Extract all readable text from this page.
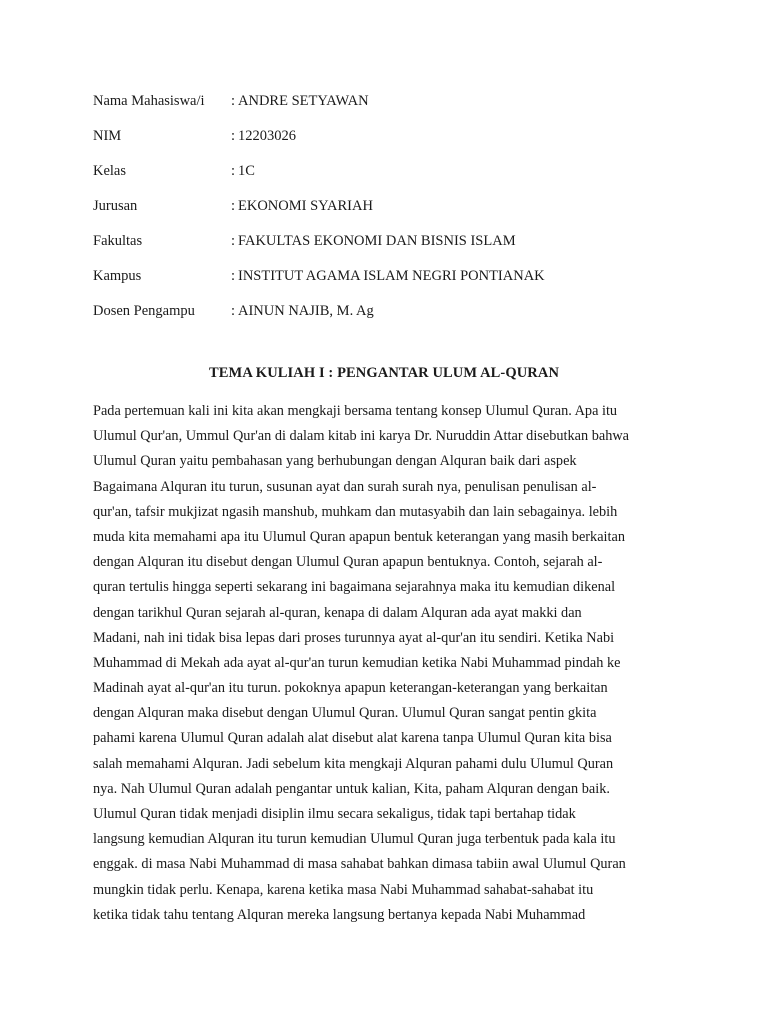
Nama Mahasiswa/i	: ANDRE SETYAWAN
NIM	: 12203026
Kelas	: 1C
Jurusan	: EKONOMI SYARIAH
Fakultas	: FAKULTAS EKONOMI DAN BISNIS ISLAM
Kampus	: INSTITUT AGAMA ISLAM NEGRI PONTIANAK
Dosen Pengampu	: AINUN NAJIB, M. Ag
TEMA KULIAH I : PENGANTAR ULUM AL-QURAN
Pada pertemuan kali ini kita akan mengkaji bersama tentang konsep Ulumul Quran. Apa itu
Ulumul Qur'an, Ummul Qur'an di dalam kitab ini karya Dr. Nuruddin Attar disebutkan bahwa
Ulumul Quran yaitu pembahasan yang berhubungan dengan Alquran baik dari aspek
Bagaimana Alquran itu turun, susunan ayat dan surah surah nya, penulisan penulisan al-
qur'an, tafsir mukjizat ngasih manshub, muhkam dan mutasyabih dan lain sebagainya. lebih
muda kita memahami apa itu Ulumul Quran apapun bentuk keterangan yang masih berkaitan
dengan Alquran itu disebut dengan Ulumul Quran apapun bentuknya. Contoh, sejarah al-
quran tertulis hingga seperti sekarang ini bagaimana sejarahnya maka itu kemudian dikenal
dengan tarikhul Quran sejarah al-quran, kenapa di dalam Alquran ada ayat makki dan
Madani, nah ini tidak bisa lepas dari proses turunnya ayat al-qur'an itu sendiri. Ketika Nabi
Muhammad di Mekah ada ayat al-qur'an turun kemudian ketika Nabi Muhammad pindah ke
Madinah ayat al-qur'an itu turun. pokoknya apapun keterangan-keterangan yang berkaitan
dengan Alquran maka disebut dengan Ulumul Quran. Ulumul Quran sangat pentin gkita
pahami karena Ulumul Quran adalah alat disebut alat karena tanpa Ulumul Quran kita bisa
salah memahami Alquran. Jadi sebelum kita mengkaji Alquran pahami dulu Ulumul Quran
nya. Nah Ulumul Quran adalah pengantar untuk kalian, Kita, paham Alquran dengan baik.
Ulumul Quran tidak menjadi disiplin ilmu secara sekaligus, tidak tapi bertahap tidak
langsung kemudian Alquran itu turun kemudian Ulumul Quran juga terbentuk pada kala itu
enggak. di masa Nabi Muhammad di masa sahabat bahkan dimasa tabiin awal Ulumul Quran
mungkin tidak perlu. Kenapa, karena ketika masa Nabi Muhammad sahabat-sahabat itu
ketika tidak tahu tentang Alquran mereka langsung bertanya kepada Nabi Muhammad
